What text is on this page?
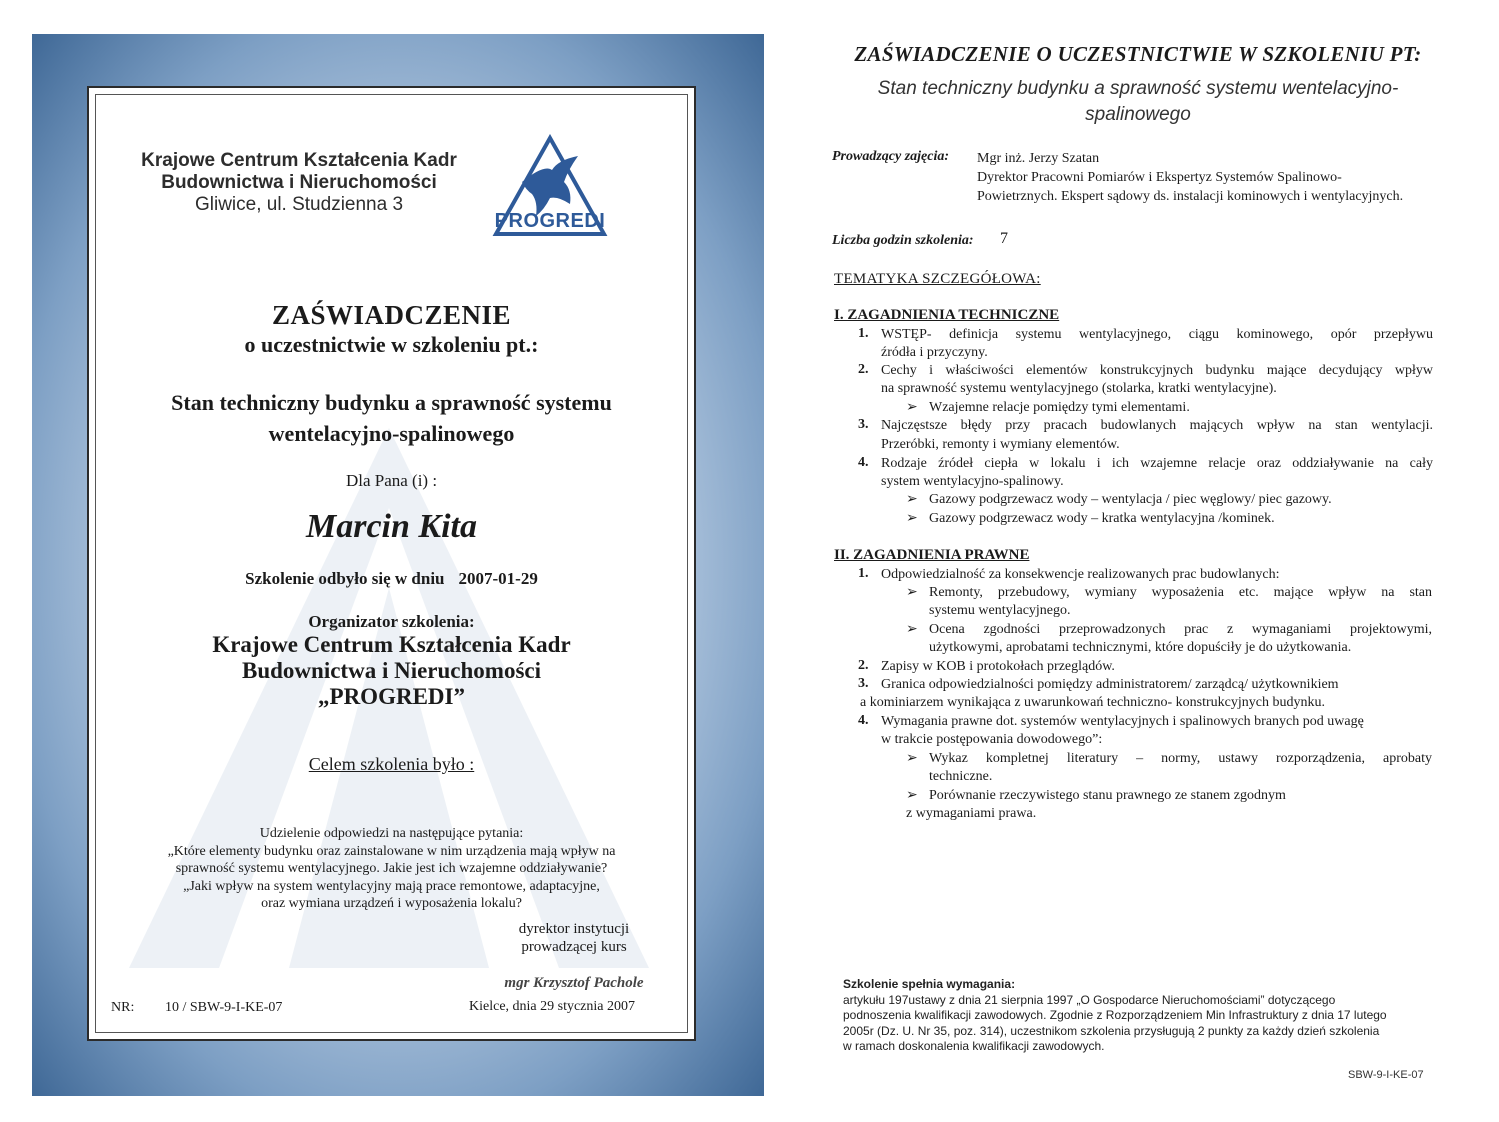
Krajowe Centrum Kształcenia Kadr
Budownictwa i Nieruchomości
Gliwice, ul. Studzienna 3
PROGREDI
ZAŚWIADCZENIE
o uczestnictwie w szkoleniu pt.:
Stan techniczny budynku a sprawność systemu
wentelacyjno-spalinowego
Dla Pana (i) :
Marcin Kita
Szkolenie odbyło się w dniu 2007-01-29
Organizator szkolenia:
Krajowe Centrum Kształcenia Kadr
Budownictwa i Nieruchomości
„PROGREDI”
Celem szkolenia było :
Udzielenie odpowiedzi na następujące pytania:
„Które elementy budynku oraz zainstalowane w nim urządzenia mają wpływ na
sprawność systemu wentylacyjnego. Jakie jest ich wzajemne oddziaływanie?
„Jaki wpływ na system wentylacyjny mają prace remontowe, adaptacyjne,
oraz wymiana urządzeń i wyposażenia lokalu?
dyrektor instytucji
prowadzącej kurs
mgr Krzysztof Pachole
NR: 10 / SBW-9-I-KE-07	Kielce, dnia 29 stycznia 2007
ZAŚWIADCZENIE O UCZESTNICTWIE W SZKOLENIU PT:
Stan techniczny budynku a sprawność systemu wentelacyjno-
spalinowego
Prowadzący zajęcia: Mgr inż. Jerzy Szatan
Dyrektor Pracowni Pomiarów i Ekspertyz Systemów Spalinowo-
Powietrznych. Ekspert sądowy ds. instalacji kominowych i wentylacyjnych.
Liczba godzin szkolenia: 7
TEMATYKA SZCZEGÓŁOWA:
I. ZAGADNIENIA TECHNICZNE
1. WSTĘP- definicja systemu wentylacyjnego, ciągu kominowego, opór przepływu
źródła i przyczyny.
2. Cechy i właściwości elementów konstrukcyjnych budynku mające decydujący wpływ
na sprawność systemu wentylacyjnego (stolarka, kratki wentylacyjne).
➢ Wzajemne relacje pomiędzy tymi elementami.
3. Najczęstsze błędy przy pracach budowlanych mających wpływ na stan wentylacji.
Przeróbki, remonty i wymiany elementów.
4. Rodzaje źródeł ciepła w lokalu i ich wzajemne relacje oraz oddziaływanie na cały
system wentylacyjno-spalinowy.
➢ Gazowy podgrzewacz wody – wentylacja / piec węglowy/ piec gazowy.
➢ Gazowy podgrzewacz wody – kratka wentylacyjna /kominek.
II. ZAGADNIENIA PRAWNE
1. Odpowiedzialność za konsekwencje realizowanych prac budowlanych:
➢ Remonty, przebudowy, wymiany wyposażenia etc. mające wpływ na stan
systemu wentylacyjnego.
➢ Ocena zgodności przeprowadzonych prac z wymaganiami projektowymi,
użytkowymi, aprobatami technicznymi, które dopuściły je do użytkowania.
2. Zapisy w KOB i protokołach przeglądów.
3. Granica odpowiedzialności pomiędzy administratorem/ zarządcą/ użytkownikiem
a kominiarzem wynikająca z uwarunkowań techniczno- konstrukcyjnych budynku.
4. Wymagania prawne dot. systemów wentylacyjnych i spalinowych branych pod uwagę
w trakcie postępowania dowodowego”:
➢ Wykaz kompletnej literatury – normy, ustawy rozporządzenia, aprobaty
techniczne.
➢ Porównanie rzeczywistego stanu prawnego ze stanem zgodnym
z wymaganiami prawa.
Szkolenie spełnia wymagania:
artykułu 197ustawy z dnia 21 sierpnia 1997 „O Gospodarce Nieruchomościami” dotyczącego
podnoszenia kwalifikacji zawodowych. Zgodnie z Rozporządzeniem Min Infrastruktury z dnia 17 lutego
2005r (Dz. U. Nr 35, poz. 314), uczestnikom szkolenia przysługują 2 punkty za każdy dzień szkolenia
w ramach doskonalenia kwalifikacji zawodowych.
SBW-9-I-KE-07
